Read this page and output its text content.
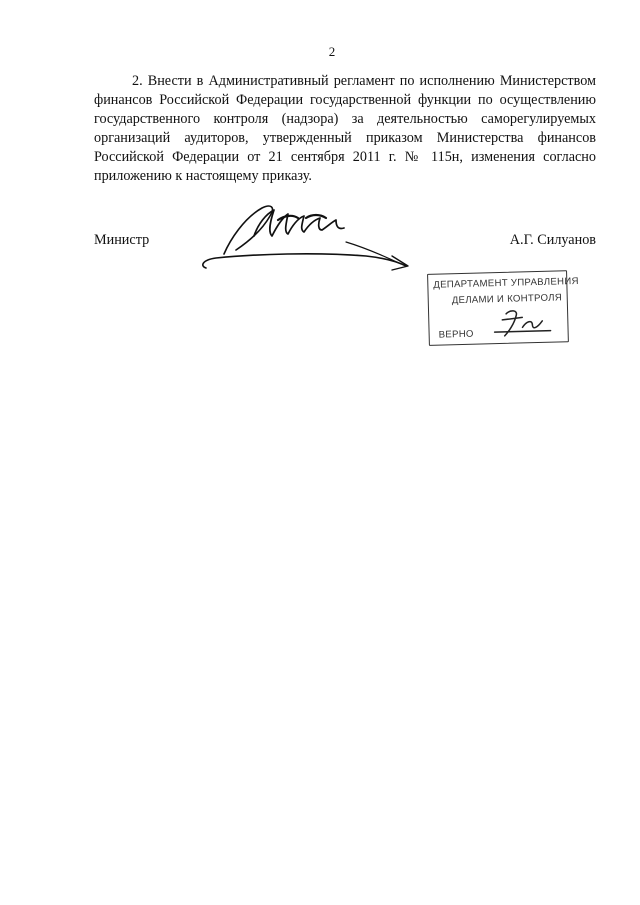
2

2. Внести в Административный регламент по исполнению Министерством финансов Российской Федерации государственной функции по осуществлению государственного контроля (надзора) за деятельностью саморегулируемых организаций аудиторов, утвержденный приказом Министерства финансов Российской Федерации от 21 сентября 2011 г. № 115н, изменения согласно приложению к настоящему приказу.

Министр	А.Г. Силуанов
ДЕПАРТАМЕНТ УПРАВЛЕНИЯ
ДЕЛАМИ И КОНТРОЛЯ
ВЕРНО
